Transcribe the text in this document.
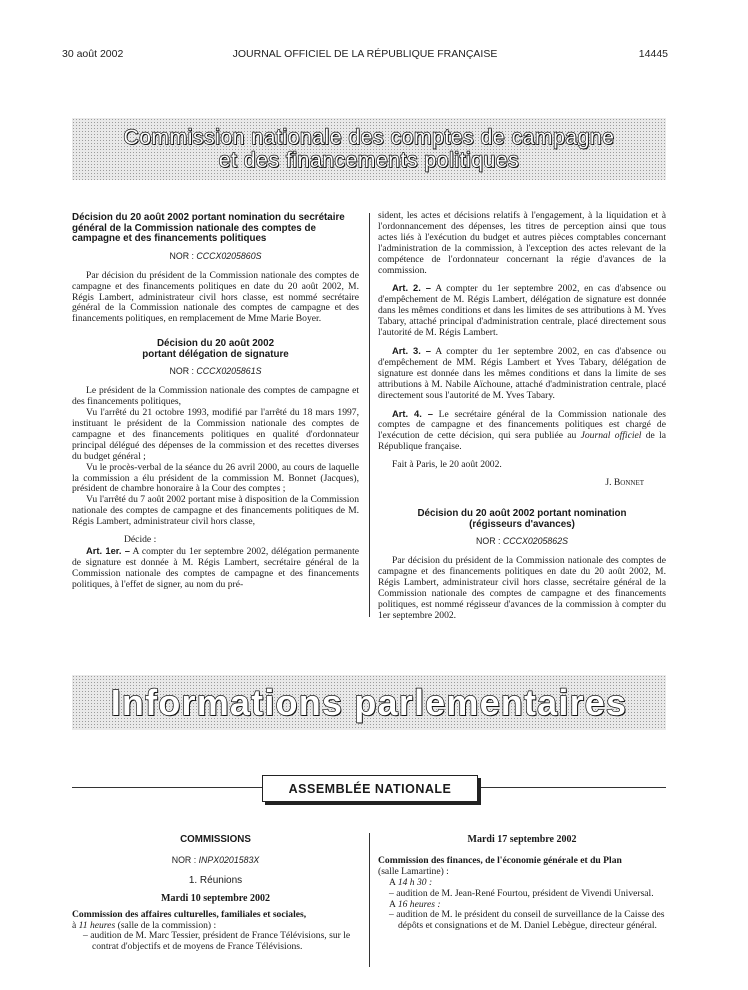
30 août 2002	JOURNAL OFFICIEL DE LA RÉPUBLIQUE FRANÇAISE	14445
Commission nationale des comptes de campagne
et des financements politiques
Décision du 20 août 2002 portant nomination du secrétaire général de la Commission nationale des comptes de campagne et des financements politiques
NOR : CCCX0205860S

Par décision du président de la Commission nationale des comptes de campagne et des financements politiques en date du 20 août 2002, M. Régis Lambert, administrateur civil hors classe, est nommé secrétaire général de la Commission nationale des comptes de campagne et des financements politiques, en remplacement de Mme Marie Boyer.

Décision du 20 août 2002
portant délégation de signature
NOR : CCCX0205861S

Le président de la Commission nationale des comptes de campagne et des financements politiques,

Vu l'arrêté du 21 octobre 1993, modifié par l'arrêté du 18 mars 1997, instituant le président de la Commission nationale des comptes de campagne et des financements politiques en qualité d'ordonnateur principal délégué des dépenses de la commission et des recettes diverses du budget général ;

Vu le procès-verbal de la séance du 26 avril 2000, au cours de laquelle la commission a élu président de la commission M. Bonnet (Jacques), président de chambre honoraire à la Cour des comptes ;

Vu l'arrêté du 7 août 2002 portant mise à disposition de la Commission nationale des comptes de campagne et des financements politiques de M. Régis Lambert, administrateur civil hors classe,

Décide :

Art. 1er. – A compter du 1er septembre 2002, délégation permanente de signature est donnée à M. Régis Lambert, secrétaire général de la Commission nationale des comptes de campagne et des financements politiques, à l'effet de signer, au nom du pré-

sident, les actes et décisions relatifs à l'engagement, à la liquidation et à l'ordonnancement des dépenses, les titres de perception ainsi que tous actes liés à l'exécution du budget et autres pièces comptables concernant l'administration de la commission, à l'exception des actes relevant de la compétence de l'ordonnateur concernant la régie d'avances de la commission.

Art. 2. – A compter du 1er septembre 2002, en cas d'absence ou d'empêchement de M. Régis Lambert, délégation de signature est donnée dans les mêmes conditions et dans les limites de ses attributions à M. Yves Tabary, attaché principal d'administration centrale, placé directement sous l'autorité de M. Régis Lambert.

Art. 3. – A compter du 1er septembre 2002, en cas d'absence ou d'empêchement de MM. Régis Lambert et Yves Tabary, délégation de signature est donnée dans les mêmes conditions et dans la limite de ses attributions à M. Nabile Aïchoune, attaché d'administration centrale, placé directement sous l'autorité de M. Yves Tabary.

Art. 4. – Le secrétaire général de la Commission nationale des comptes de campagne et des financements politiques est chargé de l'exécution de cette décision, qui sera publiée au Journal officiel de la République française.

Fait à Paris, le 20 août 2002.

J. Bonnet

Décision du 20 août 2002 portant nomination
(régisseurs d'avances)
NOR : CCCX0205862S

Par décision du président de la Commission nationale des comptes de campagne et des financements politiques en date du 20 août 2002, M. Régis Lambert, administrateur civil hors classe, secrétaire général de la Commission nationale des comptes de campagne et des financements politiques, est nommé régisseur d'avances de la commission à compter du 1er septembre 2002.

Informations parlementaires
ASSEMBLÉE NATIONALE
COMMISSIONS
NOR : INPX0201583X
1. Réunions
Mardi 10 septembre 2002
Commission des affaires culturelles, familiales et sociales,
à 11 heures (salle de la commission) :

– audition de M. Marc Tessier, président de France Télévisions, sur le contrat d'objectifs et de moyens de France Télévisions.

Mardi 17 septembre 2002
Commission des finances, de l'économie générale et du Plan
(salle Lamartine) :
A 14 h 30 :

– audition de M. Jean-René Fourtou, président de Vivendi Universal.

A 16 heures :

– audition de M. le président du conseil de surveillance de la Caisse des dépôts et consignations et de M. Daniel Lebègue, directeur général.
